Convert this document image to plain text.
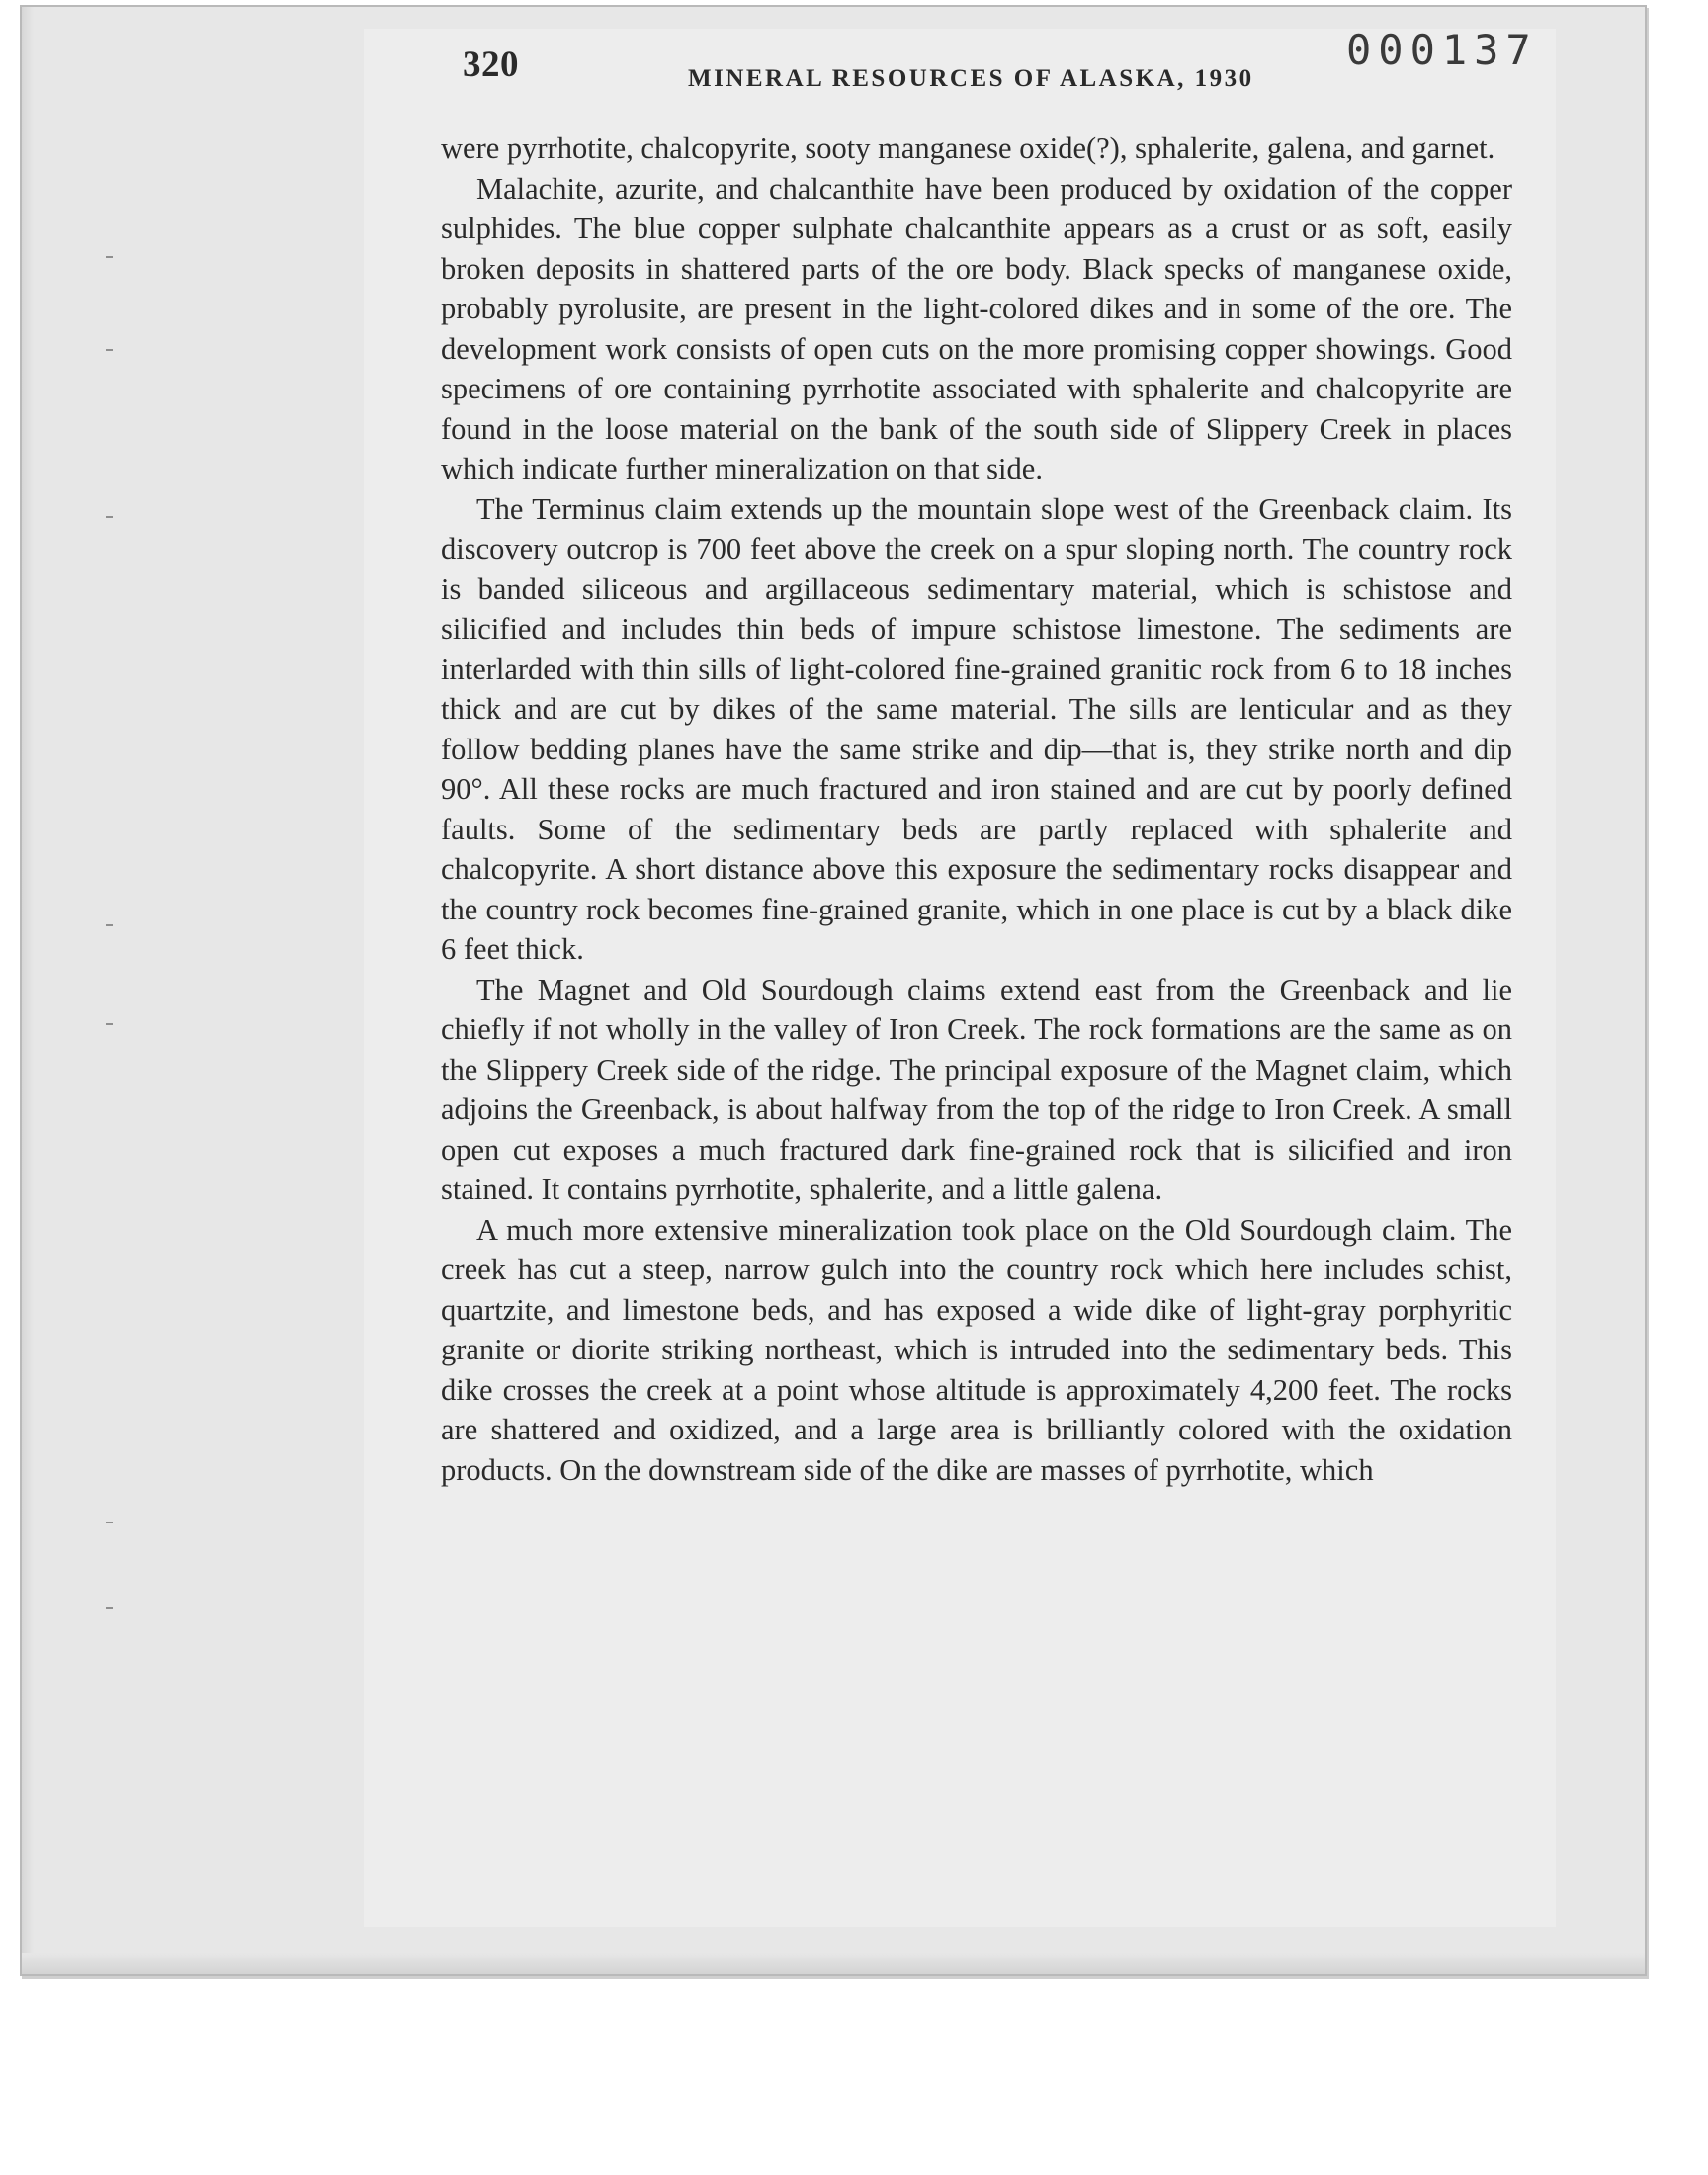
320	MINERAL RESOURCES OF ALASKA, 1930
000137

were pyrrhotite, chalcopyrite, sooty manganese oxide(?), sphalerite, galena, and garnet.

Malachite, azurite, and chalcanthite have been produced by oxidation of the copper sulphides. The blue copper sulphate chalcanthite appears as a crust or as soft, easily broken deposits in shattered parts of the ore body. Black specks of manganese oxide, probably pyrolusite, are present in the light-colored dikes and in some of the ore. The development work consists of open cuts on the more promising copper showings. Good specimens of ore containing pyrrhotite associated with sphalerite and chalcopyrite are found in the loose material on the bank of the south side of Slippery Creek in places which indicate further mineralization on that side.

The Terminus claim extends up the mountain slope west of the Greenback claim. Its discovery outcrop is 700 feet above the creek on a spur sloping north. The country rock is banded siliceous and argillaceous sedimentary material, which is schistose and silicified and includes thin beds of impure schistose limestone. The sediments are interlarded with thin sills of light-colored fine-grained granitic rock from 6 to 18 inches thick and are cut by dikes of the same material. The sills are lenticular and as they follow bedding planes have the same strike and dip—that is, they strike north and dip 90°. All these rocks are much fractured and iron stained and are cut by poorly defined faults. Some of the sedimentary beds are partly replaced with sphalerite and chalcopyrite. A short distance above this exposure the sedimentary rocks disappear and the country rock becomes fine-grained granite, which in one place is cut by a black dike 6 feet thick.

The Magnet and Old Sourdough claims extend east from the Greenback and lie chiefly if not wholly in the valley of Iron Creek. The rock formations are the same as on the Slippery Creek side of the ridge. The principal exposure of the Magnet claim, which adjoins the Greenback, is about halfway from the top of the ridge to Iron Creek. A small open cut exposes a much fractured dark fine-grained rock that is silicified and iron stained. It contains pyrrhotite, sphalerite, and a little galena.

A much more extensive mineralization took place on the Old Sourdough claim. The creek has cut a steep, narrow gulch into the country rock which here includes schist, quartzite, and limestone beds, and has exposed a wide dike of light-gray porphyritic granite or diorite striking northeast, which is intruded into the sedimentary beds. This dike crosses the creek at a point whose altitude is approximately 4,200 feet. The rocks are shattered and oxidized, and a large area is brilliantly colored with the oxidation products. On the downstream side of the dike are masses of pyrrhotite, which
